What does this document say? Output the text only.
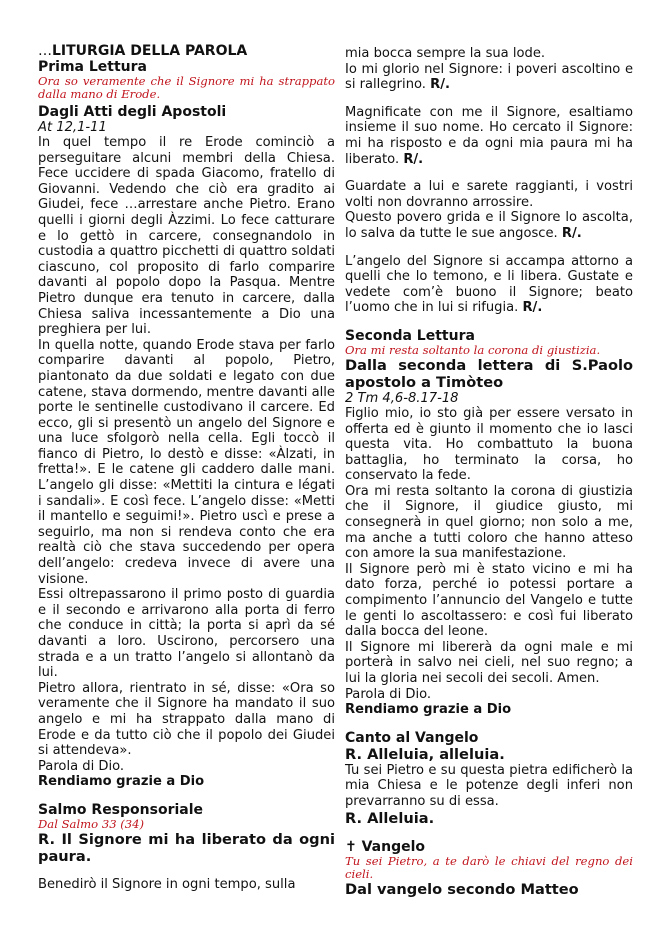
…LITURGIA DELLA PAROLA

Prima Lettura

Ora so veramente che il Signore mi ha strappato dalla mano di Erode.

Dagli Atti degli Apostoli

At 12,1-11

In quel tempo il re Erode cominciò a perseguitare alcuni membri della Chiesa. Fece uccidere di spada Giacomo, fratello di Giovanni. Vedendo che ciò era gradito ai Giudei, fece …arrestare anche Pietro. Erano quelli i giorni degli Àzzimi. Lo fece catturare e lo gettò in carcere, consegnandolo in custodia a quattro picchetti di quattro soldati ciascuno, col proposito di farlo comparire davanti al popolo dopo la Pasqua. Mentre Pietro dunque era tenuto in carcere, dalla Chiesa saliva incessantemente a Dio una preghiera per lui.

In quella notte, quando Erode stava per farlo comparire davanti al popolo, Pietro, piantonato da due soldati e legato con due catene, stava dormendo, mentre davanti alle porte le sentinelle custodivano il carcere. Ed ecco, gli si presentò un angelo del Signore e una luce sfolgorò nella cella. Egli toccò il fianco di Pietro, lo destò e disse: «Àlzati, in fretta!». E le catene gli caddero dalle mani. L’angelo gli disse: «Mettiti la cintura e légati i sandali». E così fece. L’angelo disse: «Metti il mantello e seguimi!». Pietro uscì e prese a seguirlo, ma non si rendeva conto che era realtà ciò che stava succedendo per opera dell’angelo: credeva invece di avere una visione.

Essi oltrepassarono il primo posto di guardia e il secondo e arrivarono alla porta di ferro che conduce in città; la porta si aprì da sé davanti a loro. Uscirono, percorsero una strada e a un tratto l’angelo si allontanò da lui.

Pietro allora, rientrato in sé, disse: «Ora so veramente che il Signore ha mandato il suo angelo e mi ha strappato dalla mano di Erode e da tutto ciò che il popolo dei Giudei si attendeva».

Parola di Dio.

Rendiamo grazie a Dio

Salmo Responsoriale

Dal Salmo 33 (34)

R. Il Signore mi ha liberato da ogni paura.

Benedirò il Signore in ogni tempo, sulla

mia bocca sempre la sua lode.

Io mi glorio nel Signore: i poveri ascoltino e si rallegrino. R/.

Magnificate con me il Signore, esaltiamo insieme il suo nome. Ho cercato il Signore: mi ha risposto e da ogni mia paura mi ha liberato. R/.

Guardate a lui e sarete raggianti, i vostri volti non dovranno arrossire.

Questo povero grida e il Signore lo ascolta, lo salva da tutte le sue angosce. R/.

L’angelo del Signore si accampa attorno a quelli che lo temono, e li libera. Gustate e vedete com’è buono il Signore; beato l’uomo che in lui si rifugia. R/.

Seconda Lettura

Ora mi resta soltanto la corona di giustizia.

Dalla seconda lettera di S.Paolo apostolo a Timòteo

2 Tm 4,6-8.17-18

Figlio mio, io sto già per essere versato in offerta ed è giunto il momento che io lasci questa vita. Ho combattuto la buona battaglia, ho terminato la corsa, ho conservato la fede.

Ora mi resta soltanto la corona di giustizia che il Signore, il giudice giusto, mi consegnerà in quel giorno; non solo a me, ma anche a tutti coloro che hanno atteso con amore la sua manifestazione.

Il Signore però mi è stato vicino e mi ha dato forza, perché io potessi portare a compimento l’annuncio del Vangelo e tutte le genti lo ascoltassero: e così fui liberato dalla bocca del leone.

Il Signore mi libererà da ogni male e mi porterà in salvo nei cieli, nel suo regno; a lui la gloria nei secoli dei secoli. Amen.

Parola di Dio.

Rendiamo grazie a Dio

Canto al Vangelo

R. Alleluia, alleluia.

Tu sei Pietro e su questa pietra edificherò la mia Chiesa e le potenze degli inferi non prevarranno su di essa.

R. Alleluia.

✝ Vangelo

Tu sei Pietro, a te darò le chiavi del regno dei cieli.

Dal vangelo secondo Matteo
